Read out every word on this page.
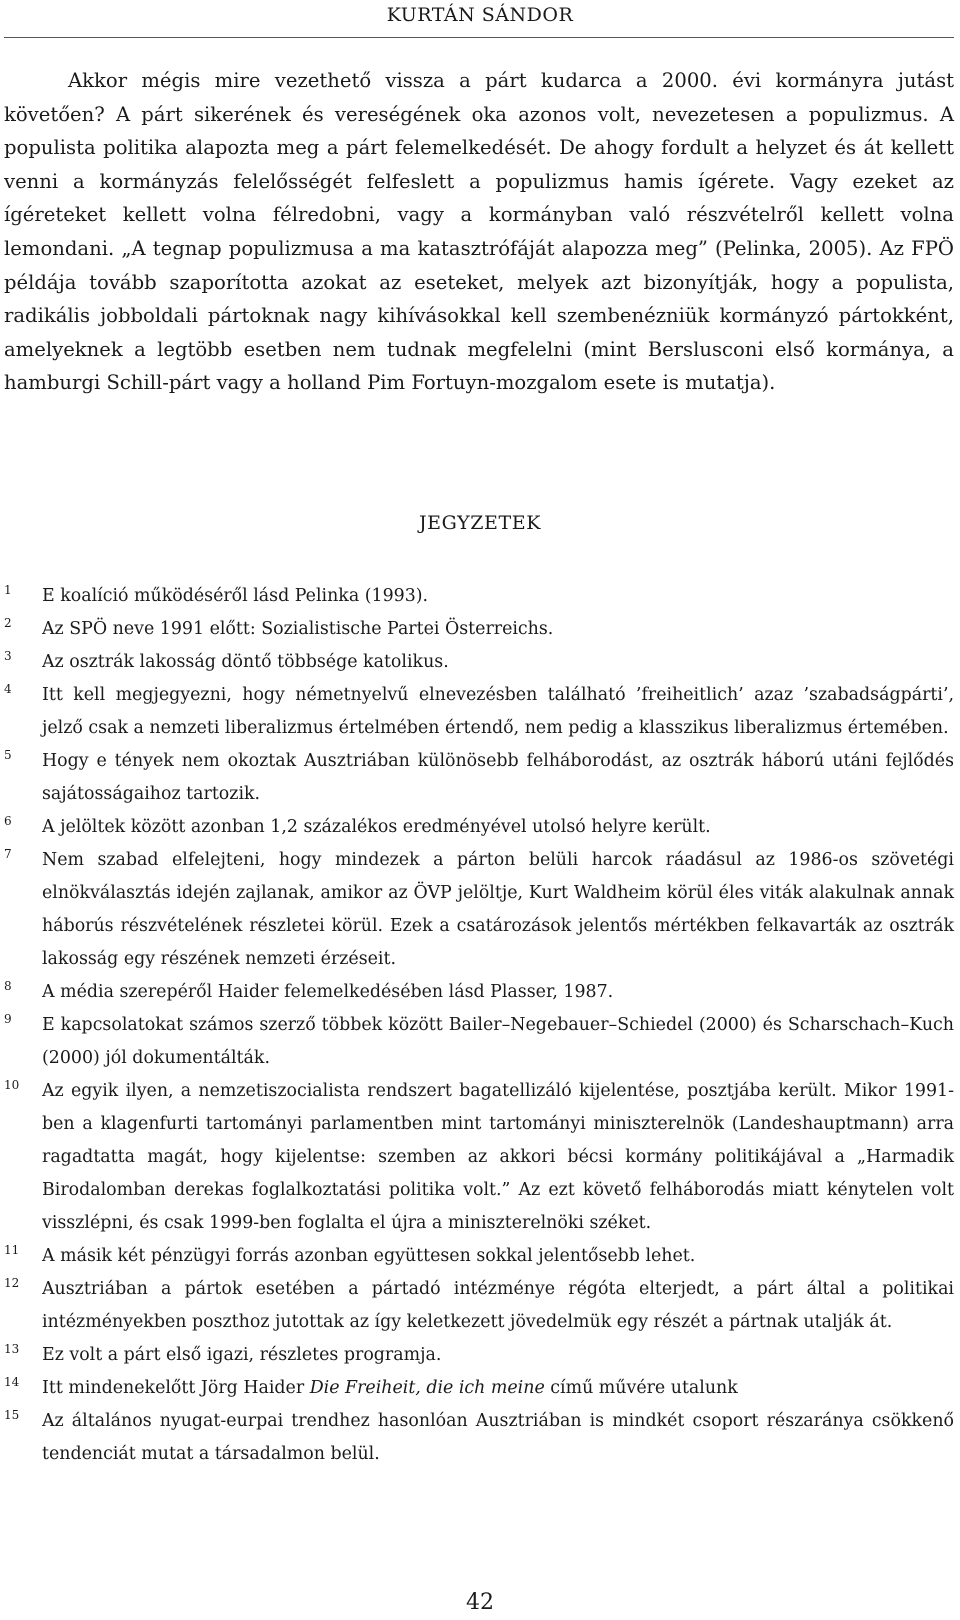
KURTÁN SÁNDOR

Akkor mégis mire vezethető vissza a párt kudarca a 2000. évi kormányra jutást követően? A párt sikerének és vereségének oka azonos volt, nevezetesen a populizmus. A populista politika alapozta meg a párt felemelkedését. De ahogy fordult a helyzet és át kellett venni a kormányzás felelősségét felfeslett a populizmus hamis ígérete. Vagy ezeket az ígéreteket kellett volna félredobni, vagy a kormányban való részvételről kellett volna lemondani. „A tegnap populizmusa a ma katasztrófáját alapozza meg” (Pelinka, 2005). Az FPÖ példája tovább szaporította azokat az eseteket, melyek azt bizonyítják, hogy a populista, radikális jobboldali pártoknak nagy kihívásokkal kell szembenézniük kormányzó pártokként, amelyeknek a legtöbb esetben nem tudnak megfelelni (mint Berslusconi első kormánya, a hamburgi Schill-párt vagy a holland Pim Fortuyn-mozgalom esete is mutatja).

JEGYZETEK
1 E koalíció működéséről lásd Pelinka (1993).
2 Az SPÖ neve 1991 előtt: Sozialistische Partei Österreichs.
3 Az osztrák lakosság döntő többsége katolikus.
4 Itt kell megjegyezni, hogy németnyelvű elnevezésben található ’freiheitlich’ azaz ’szabadságpárti’, jelző csak a nemzeti liberalizmus értelmében értendő, nem pedig a klasszikus liberalizmus értemében.
5 Hogy e tények nem okoztak Ausztriában különösebb felháborodást, az osztrák háború utáni fejlődés sajátosságaihoz tartozik.
6 A jelöltek között azonban 1,2 százalékos eredményével utolsó helyre került.
7 Nem szabad elfelejteni, hogy mindezek a párton belüli harcok ráadásul az 1986-os szövetégi elnökválasztás idején zajlanak, amikor az ÖVP jelöltje, Kurt Waldheim körül éles viták alakulnak annak háborús részvételének részletei körül. Ezek a csatározások jelentős mértékben felkavarták az osztrák lakosság egy részének nemzeti érzéseit.
8 A média szerepéről Haider felemelkedésében lásd Plasser, 1987.
9 E kapcsolatokat számos szerző többek között Bailer–Negebauer–Schiedel (2000) és Scharschach–Kuch (2000) jól dokumentálták.
10 Az egyik ilyen, a nemzetiszocialista rendszert bagatellizáló kijelentése, posztjába került. Mikor 1991-ben a klagenfurti tartományi parlamentben mint tartományi miniszterelnök (Landeshauptmann) arra ragadtatta magát, hogy kijelentse: szemben az akkori bécsi kormány politikájával a „Harmadik Birodalomban derekas foglalkoztatási politika volt.” Az ezt követő felháborodás miatt kénytelen volt visszlépni, és csak 1999-ben foglalta el újra a miniszterelnöki széket.
11 A másik két pénzügyi forrás azonban együttesen sokkal jelentősebb lehet.
12 Ausztriában a pártok esetében a pártadó intézménye régóta elterjedt, a párt által a politikai intézményekben poszthoz jutottak az így keletkezett jövedelmük egy részét a pártnak utalják át.
13 Ez volt a párt első igazi, részletes programja.
14 Itt mindenekelőtt Jörg Haider Die Freiheit, die ich meine című művére utalunk
15 Az általános nyugat-eurpai trendhez hasonlóan Ausztriában is mindkét csoport részaránya csökkenő tendenciát mutat a társadalmon belül.
42
